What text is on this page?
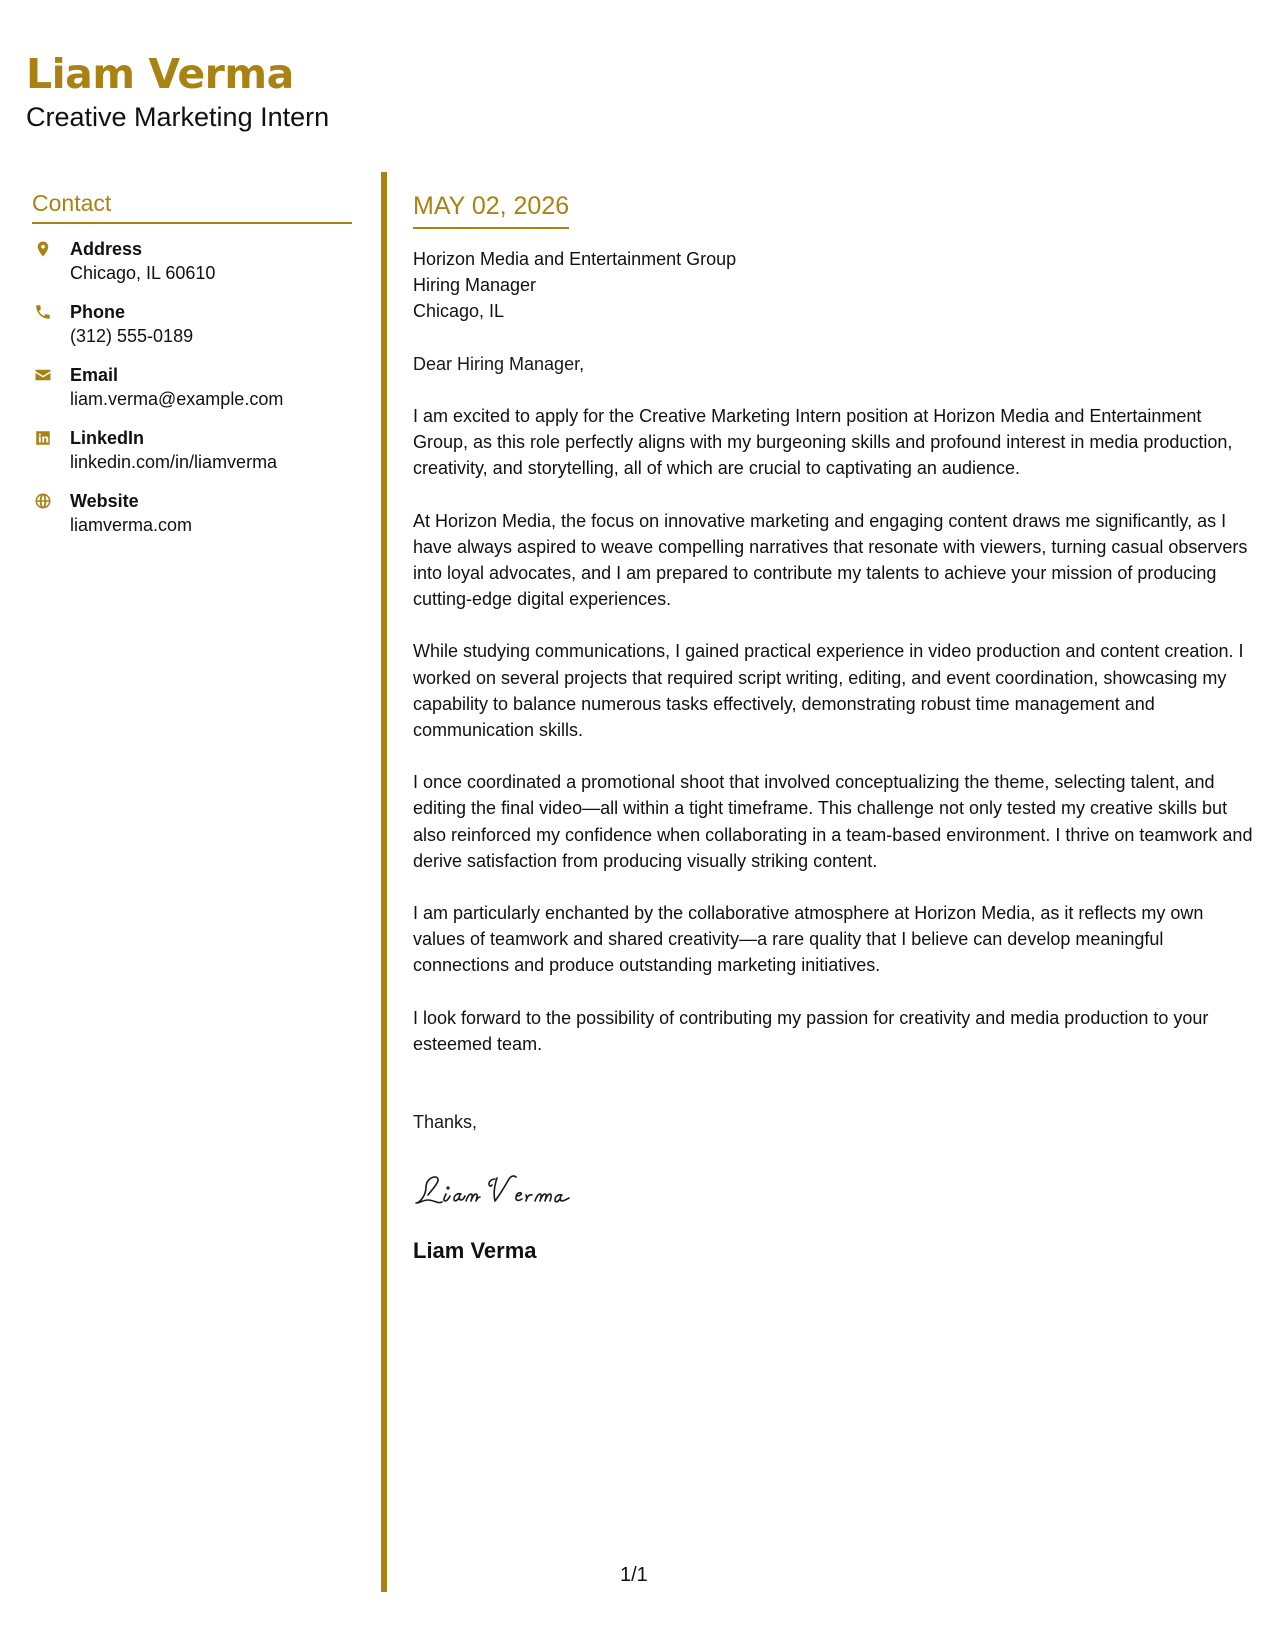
Liam Verma
Creative Marketing Intern
Contact
Address
Chicago, IL 60610
Phone
(312) 555-0189
Email
liam.verma@example.com
LinkedIn
linkedin.com/in/liamverma
Website
liamverma.com
MAY 02, 2026
Horizon Media and Entertainment Group
Hiring Manager
Chicago, IL
Dear Hiring Manager,

I am excited to apply for the Creative Marketing Intern position at Horizon Media and Entertainment Group, as this role perfectly aligns with my burgeoning skills and profound interest in media production, creativity, and storytelling, all of which are crucial to captivating an audience.

At Horizon Media, the focus on innovative marketing and engaging content draws me significantly, as I have always aspired to weave compelling narratives that resonate with viewers, turning casual observers into loyal advocates, and I am prepared to contribute my talents to achieve your mission of producing cutting-edge digital experiences.

While studying communications, I gained practical experience in video production and content creation. I worked on several projects that required script writing, editing, and event coordination, showcasing my capability to balance numerous tasks effectively, demonstrating robust time management and communication skills.

I once coordinated a promotional shoot that involved conceptualizing the theme, selecting talent, and editing the final video—all within a tight timeframe. This challenge not only tested my creative skills but also reinforced my confidence when collaborating in a team-based environment. I thrive on teamwork and derive satisfaction from producing visually striking content.

I am particularly enchanted by the collaborative atmosphere at Horizon Media, as it reflects my own values of teamwork and shared creativity—a rare quality that I believe can develop meaningful connections and produce outstanding marketing initiatives.

I look forward to the possibility of contributing my passion for creativity and media production to your esteemed team.

Thanks,
Liam Verma
1/1
